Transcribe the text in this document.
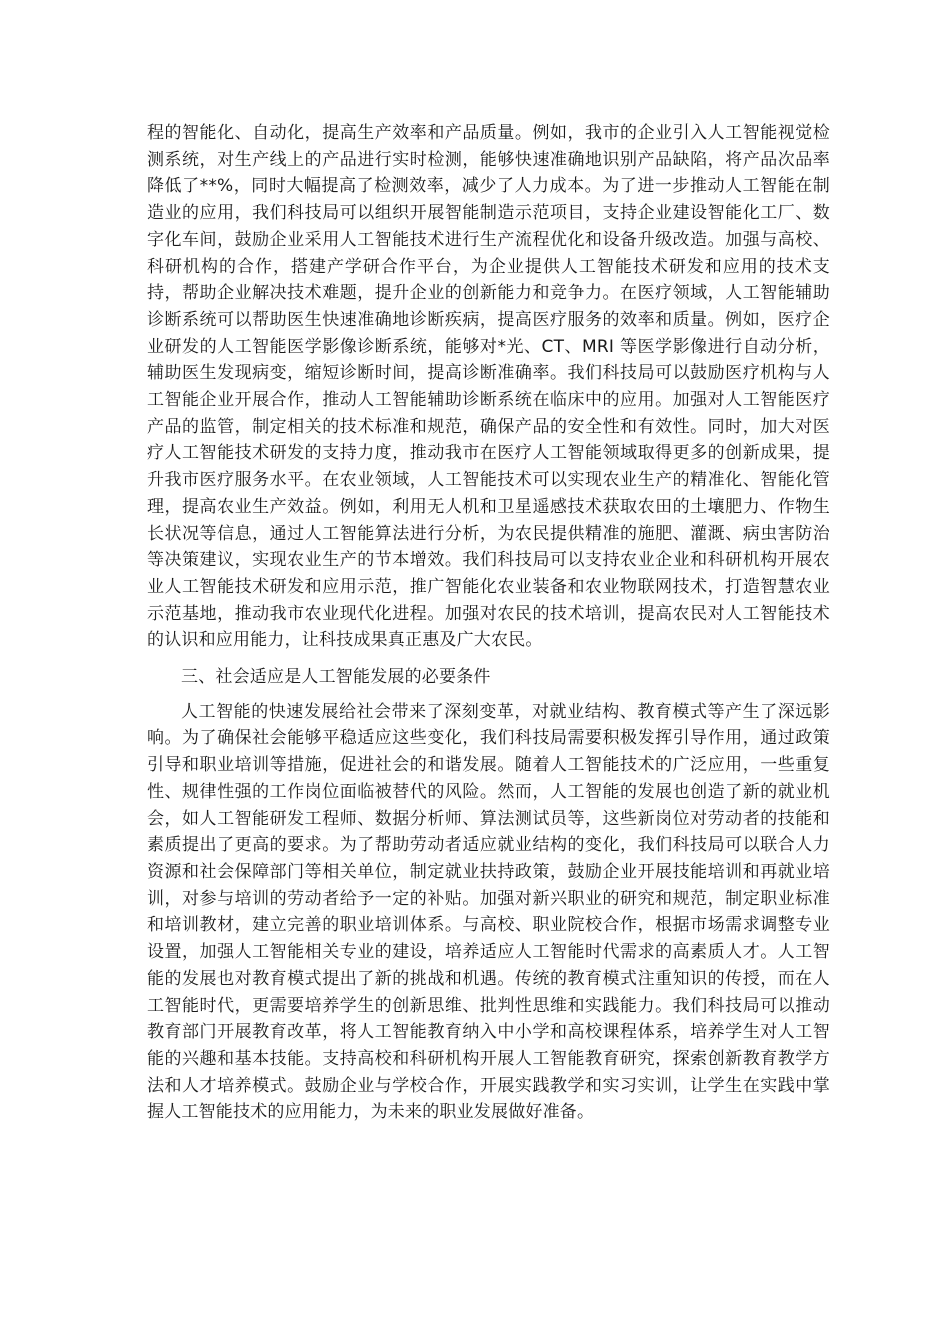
程的智能化、自动化，提高生产效率和产品质量。例如，我市的企业引入人工智能视觉检测系统，对生产线上的产品进行实时检测，能够快速准确地识别产品缺陷，将产品次品率降低了**%，同时大幅提高了检测效率，减少了人力成本。为了进一步推动人工智能在制造业的应用，我们科技局可以组织开展智能制造示范项目，支持企业建设智能化工厂、数字化车间，鼓励企业采用人工智能技术进行生产流程优化和设备升级改造。加强与高校、科研机构的合作，搭建产学研合作平台，为企业提供人工智能技术研发和应用的技术支持，帮助企业解决技术难题，提升企业的创新能力和竞争力。在医疗领域，人工智能辅助诊断系统可以帮助医生快速准确地诊断疾病，提高医疗服务的效率和质量。例如，医疗企业研发的人工智能医学影像诊断系统，能够对*光、CT、MRI 等医学影像进行自动分析，辅助医生发现病变，缩短诊断时间，提高诊断准确率。我们科技局可以鼓励医疗机构与人工智能企业开展合作，推动人工智能辅助诊断系统在临床中的应用。加强对人工智能医疗产品的监管，制定相关的技术标准和规范，确保产品的安全性和有效性。同时，加大对医疗人工智能技术研发的支持力度，推动我市在医疗人工智能领域取得更多的创新成果，提升我市医疗服务水平。在农业领域，人工智能技术可以实现农业生产的精准化、智能化管理，提高农业生产效益。例如，利用无人机和卫星遥感技术获取农田的土壤肥力、作物生长状况等信息，通过人工智能算法进行分析，为农民提供精准的施肥、灌溉、病虫害防治等决策建议，实现农业生产的节本增效。我们科技局可以支持农业企业和科研机构开展农业人工智能技术研发和应用示范，推广智能化农业装备和农业物联网技术，打造智慧农业示范基地，推动我市农业现代化进程。加强对农民的技术培训，提高农民对人工智能技术的认识和应用能力，让科技成果真正惠及广大农民。

三、社会适应是人工智能发展的必要条件

人工智能的快速发展给社会带来了深刻变革，对就业结构、教育模式等产生了深远影响。为了确保社会能够平稳适应这些变化，我们科技局需要积极发挥引导作用，通过政策引导和职业培训等措施，促进社会的和谐发展。随着人工智能技术的广泛应用，一些重复性、规律性强的工作岗位面临被替代的风险。然而，人工智能的发展也创造了新的就业机会，如人工智能研发工程师、数据分析师、算法测试员等，这些新岗位对劳动者的技能和素质提出了更高的要求。为了帮助劳动者适应就业结构的变化，我们科技局可以联合人力资源和社会保障部门等相关单位，制定就业扶持政策，鼓励企业开展技能培训和再就业培训，对参与培训的劳动者给予一定的补贴。加强对新兴职业的研究和规范，制定职业标准和培训教材，建立完善的职业培训体系。与高校、职业院校合作，根据市场需求调整专业设置，加强人工智能相关专业的建设，培养适应人工智能时代需求的高素质人才。人工智能的发展也对教育模式提出了新的挑战和机遇。传统的教育模式注重知识的传授，而在人工智能时代，更需要培养学生的创新思维、批判性思维和实践能力。我们科技局可以推动教育部门开展教育改革，将人工智能教育纳入中小学和高校课程体系，培养学生对人工智能的兴趣和基本技能。支持高校和科研机构开展人工智能教育研究，探索创新教育教学方法和人才培养模式。鼓励企业与学校合作，开展实践教学和实习实训，让学生在实践中掌握人工智能技术的应用能力，为未来的职业发展做好准备。
